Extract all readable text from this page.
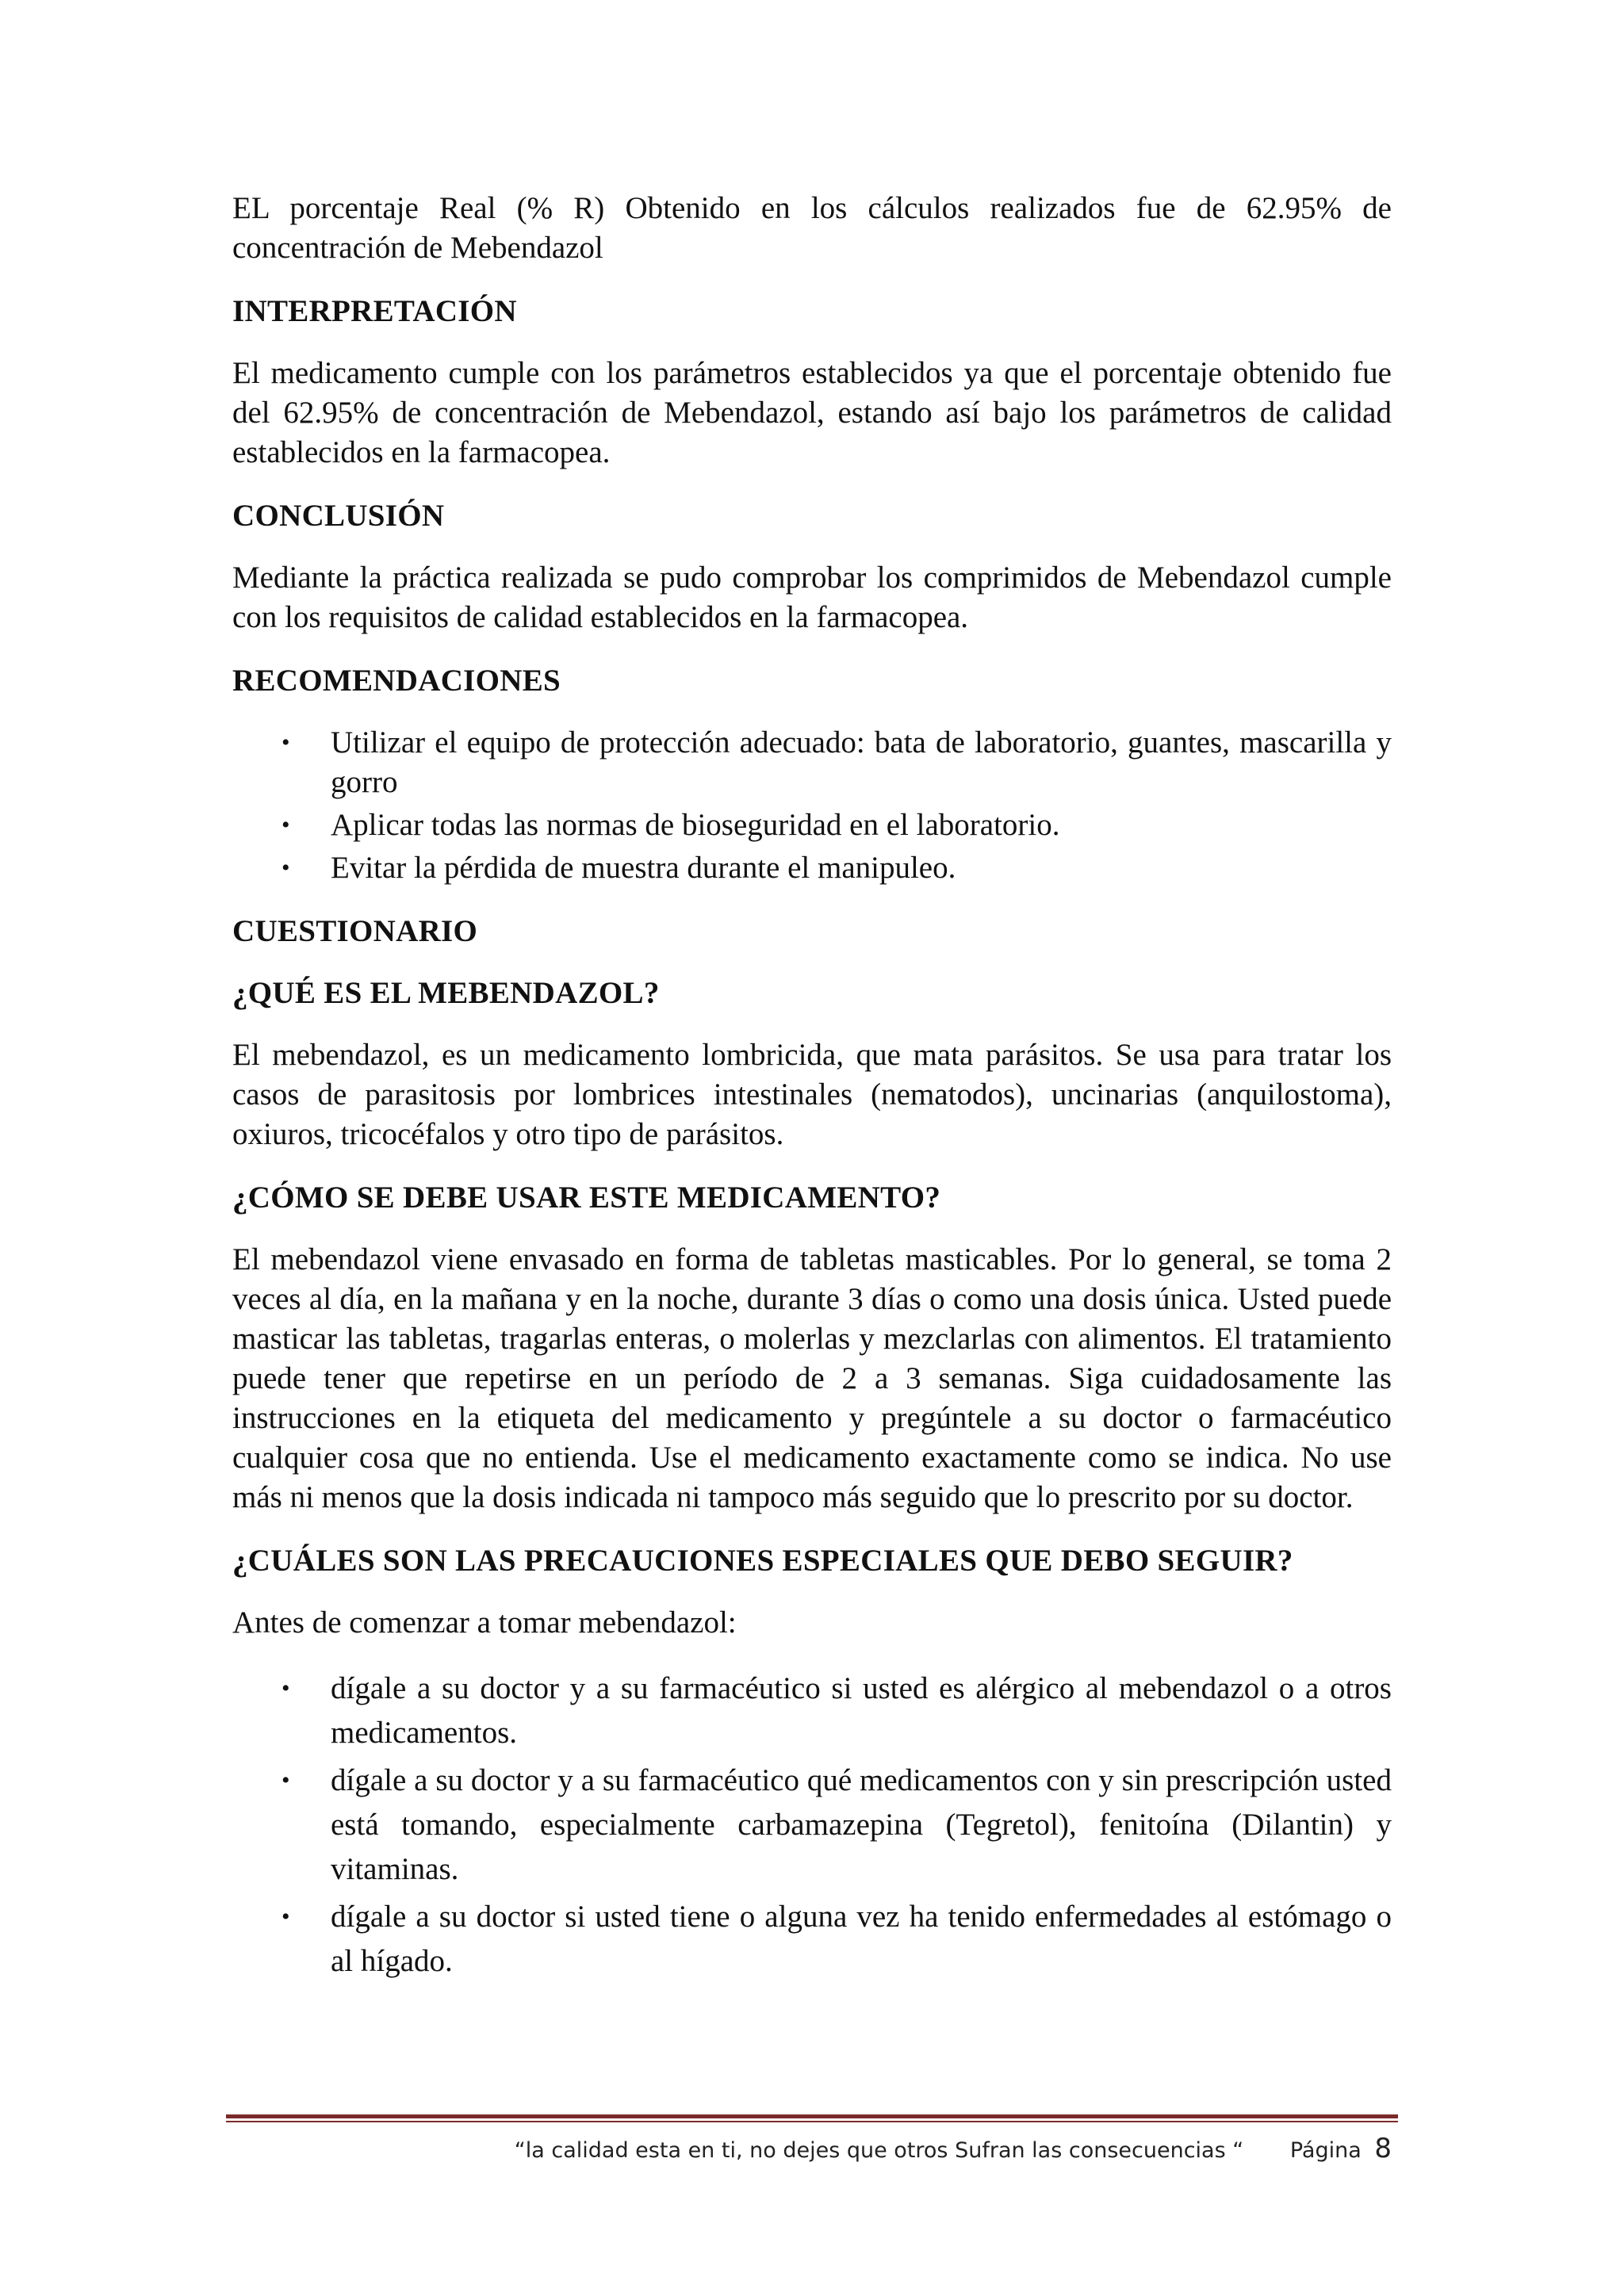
EL porcentaje Real (% R) Obtenido en los cálculos realizados fue de 62.95% de concentración de Mebendazol

INTERPRETACIÓN

El medicamento cumple con los parámetros establecidos ya que el porcentaje obtenido fue del 62.95% de concentración de Mebendazol, estando así bajo los parámetros de calidad establecidos en la farmacopea.

CONCLUSIÓN

Mediante la práctica realizada se pudo comprobar los comprimidos de Mebendazol cumple con los requisitos de calidad establecidos en la farmacopea.

RECOMENDACIONES
• Utilizar el equipo de protección adecuado: bata de laboratorio, guantes, mascarilla y gorro
• Aplicar todas las normas de bioseguridad en el laboratorio.
• Evitar la pérdida de muestra durante el manipuleo.
CUESTIONARIO
¿QUÉ ES EL MEBENDAZOL?

El mebendazol, es un medicamento lombricida, que mata parásitos. Se usa para tratar los casos de parasitosis por lombrices intestinales (nematodos), uncinarias (anquilostoma), oxiuros, tricocéfalos y otro tipo de parásitos.

¿CÓMO SE DEBE USAR ESTE MEDICAMENTO?

El mebendazol viene envasado en forma de tabletas masticables. Por lo general, se toma 2 veces al día, en la mañana y en la noche, durante 3 días o como una dosis única. Usted puede masticar las tabletas, tragarlas enteras, o molerlas y mezclarlas con alimentos. El tratamiento puede tener que repetirse en un período de 2 a 3 semanas. Siga cuidadosamente las instrucciones en la etiqueta del medicamento y pregúntele a su doctor o farmacéutico cualquier cosa que no entienda. Use el medicamento exactamente como se indica. No use más ni menos que la dosis indicada ni tampoco más seguido que lo prescrito por su doctor.

¿CUÁLES SON LAS PRECAUCIONES ESPECIALES QUE DEBO SEGUIR?

Antes de comenzar a tomar mebendazol:

• dígale a su doctor y a su farmacéutico si usted es alérgico al mebendazol o a otros medicamentos.
• dígale a su doctor y a su farmacéutico qué medicamentos con y sin prescripción usted está tomando, especialmente carbamazepina (Tegretol), fenitoína (Dilantin) y vitaminas.
• dígale a su doctor si usted tiene o alguna vez ha tenido enfermedades al estómago o al hígado.
“la calidad esta en ti, no dejes que otros Sufran las consecuencias “ Página 8
